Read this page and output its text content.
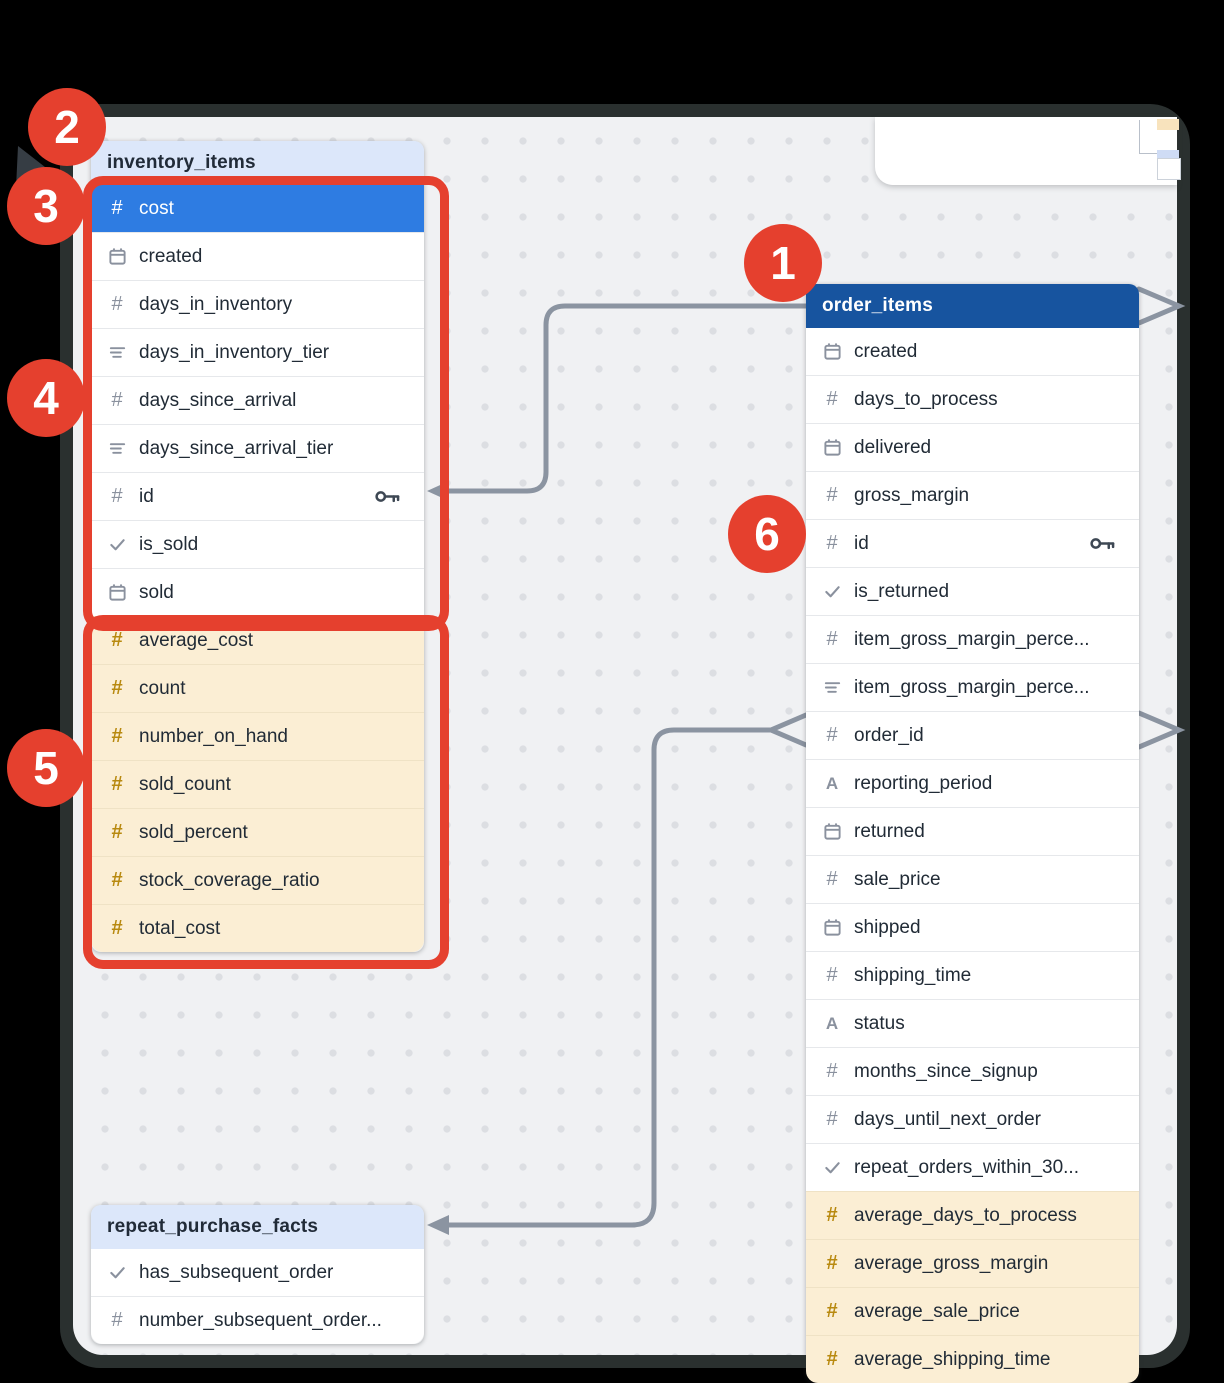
inventory_items
# cost
created
# days_in_inventory
days_in_inventory_tier
# days_since_arrival
days_since_arrival_tier
# id
is_sold
sold
# average_cost
# count
# number_on_hand
# sold_count
# sold_percent
# stock_coverage_ratio
# total_cost
order_items
created
# days_to_process
delivered
# gross_margin
# id
is_returned
# item_gross_margin_perce...
item_gross_margin_perce...
# order_id
A reporting_period
returned
# sale_price
shipped
# shipping_time
A status
# months_since_signup
# days_until_next_order
repeat_orders_within_30...
# average_days_to_process
# average_gross_margin
# average_sale_price
# average_shipping_time
repeat_purchase_facts
has_subsequent_order
# number_subsequent_order...
1
2
3
4
5
6
